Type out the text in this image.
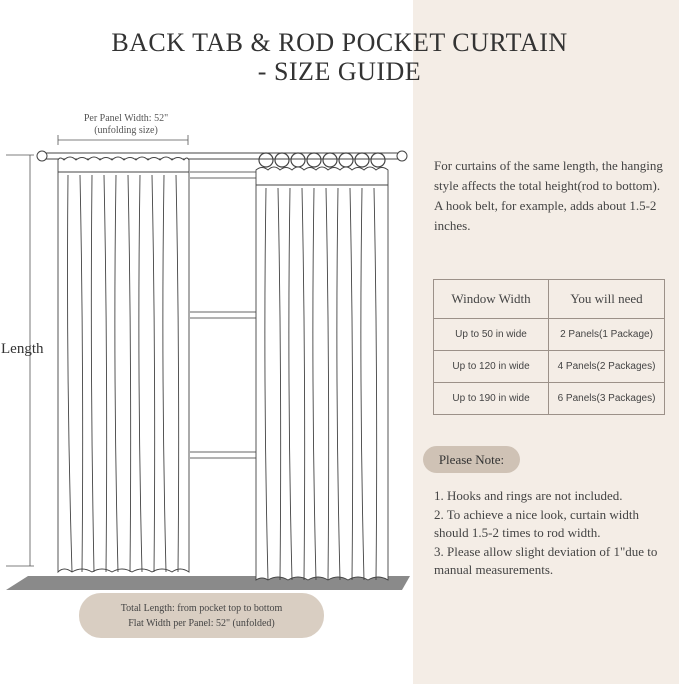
BACK TAB & ROD POCKET CURTAIN
- SIZE GUIDE
Per Panel Width: 52"
(unfolding size)
Length
Total Length: from pocket top to bottom
Flat Width per Panel: 52" (unfolded)
For curtains of the same length, the hanging style affects the total height(rod to bottom). A hook belt, for example, adds about 1.5-2 inches.
Window Width	You will need
Up to 50 in wide	2 Panels(1 Package)
Up to 120 in wide	4 Panels(2 Packages)
Up to 190 in wide	6 Panels(3 Packages)
Please Note:
1. Hooks and rings are not included.
2. To achieve a nice look, curtain width should 1.5-2 times to rod width.
3. Please allow slight deviation of 1"due to manual measurements.
